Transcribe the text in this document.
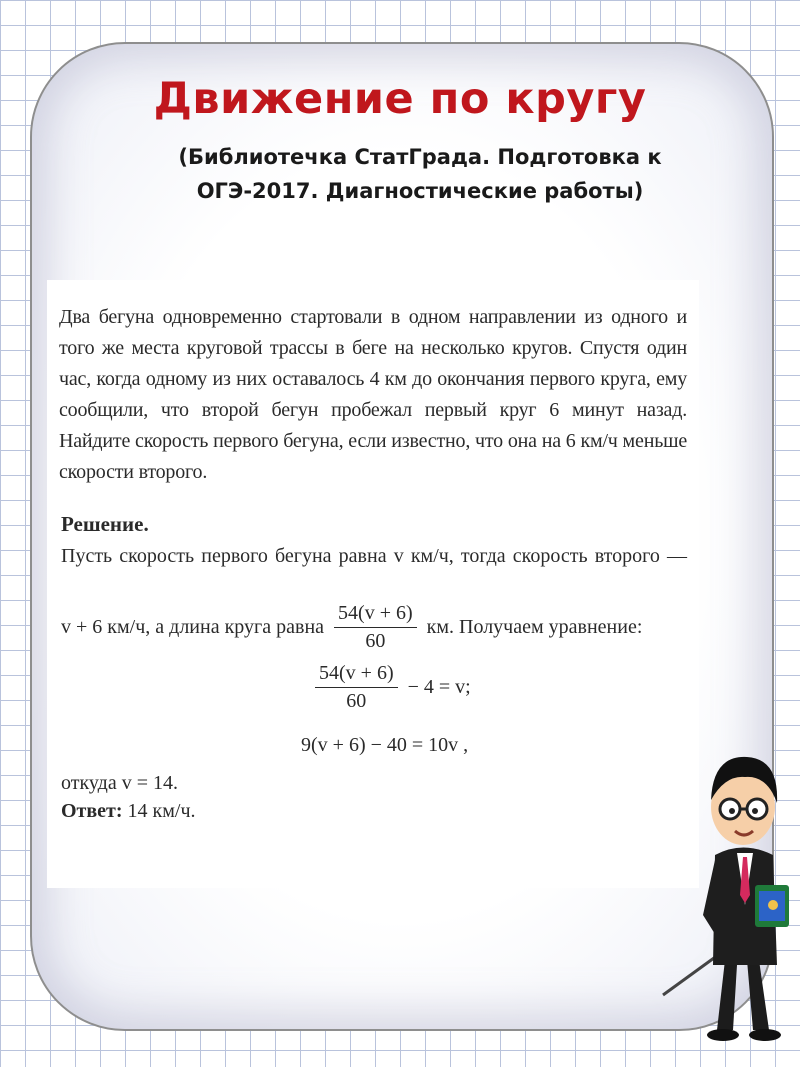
Движение по кругу
(Библиотечка СтатГрада. Подготовка к
ОГЭ-2017. Диагностические работы)
Два бегуна одновременно стартовали в одном направлении из одного и того же места круговой трассы в беге на несколько кругов. Спустя один час, когда одному из них оставалось 4 км до окончания первого круга, ему сообщили, что второй бегун пробежал первый круг 6 минут назад. Найдите скорость первого бегуна, если известно, что она на 6 км/ч меньше скорости второго.
Решение.
Пусть скорость первого бегуна равна v км/ч, тогда скорость второго —
v + 6 км/ч, а длина круга равна $\frac{54(v + 6)}{60}$ км. Получаем уравнение:
$\frac{54(v + 6)}{60} - 4 = v$;
9(v + 6) − 40 = 10v ,
откуда v = 14.
Ответ: 14 км/ч.
